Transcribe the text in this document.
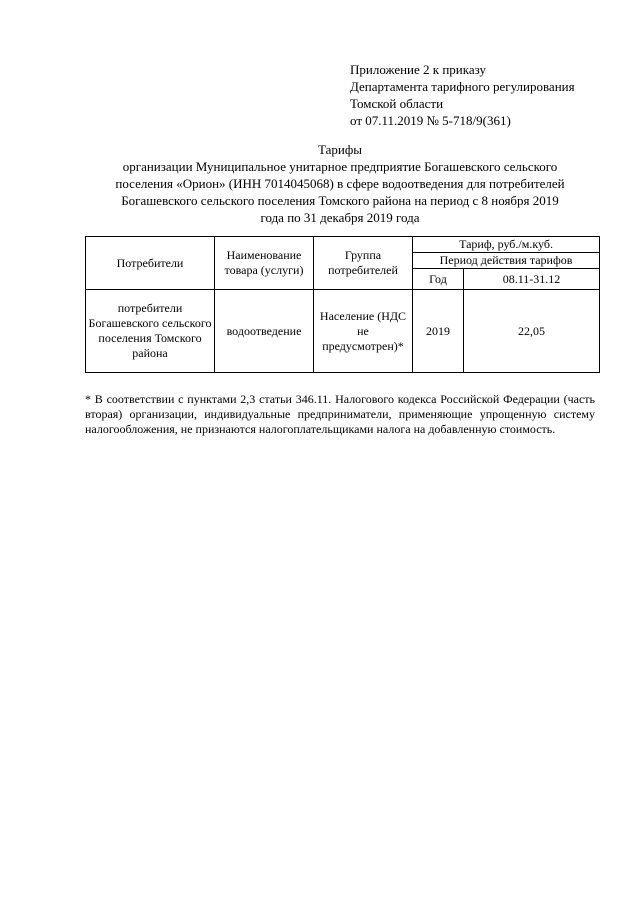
Приложение 2 к приказу
Департамента тарифного регулирования
Томской области
от 07.11.2019 № 5-718/9(361)
Тарифы
организации Муниципальное унитарное предприятие Богашевского сельского
поселения «Орион» (ИНН 7014045068) в сфере водоотведения для потребителей
Богашевского сельского поселения Томского района на период с 8 ноября 2019
года по 31 декабря 2019 года
Потребители	Наименование товара (услуги)	Группа потребителей	Тариф, руб./м.куб.	
			Период действия тарифов	
			Год	08.11-31.12
потребители Богашевского сельского поселения Томского района	водоотведение	Население (НДС не предусмотрен)*	2019	22,05
* В соответствии с пунктами 2,3 статьи 346.11. Налогового кодекса Российской Федерации (часть вторая) организации, индивидуальные предприниматели, применяющие упрощенную систему налогообложения, не признаются налогоплательщиками налога на добавленную стоимость.
